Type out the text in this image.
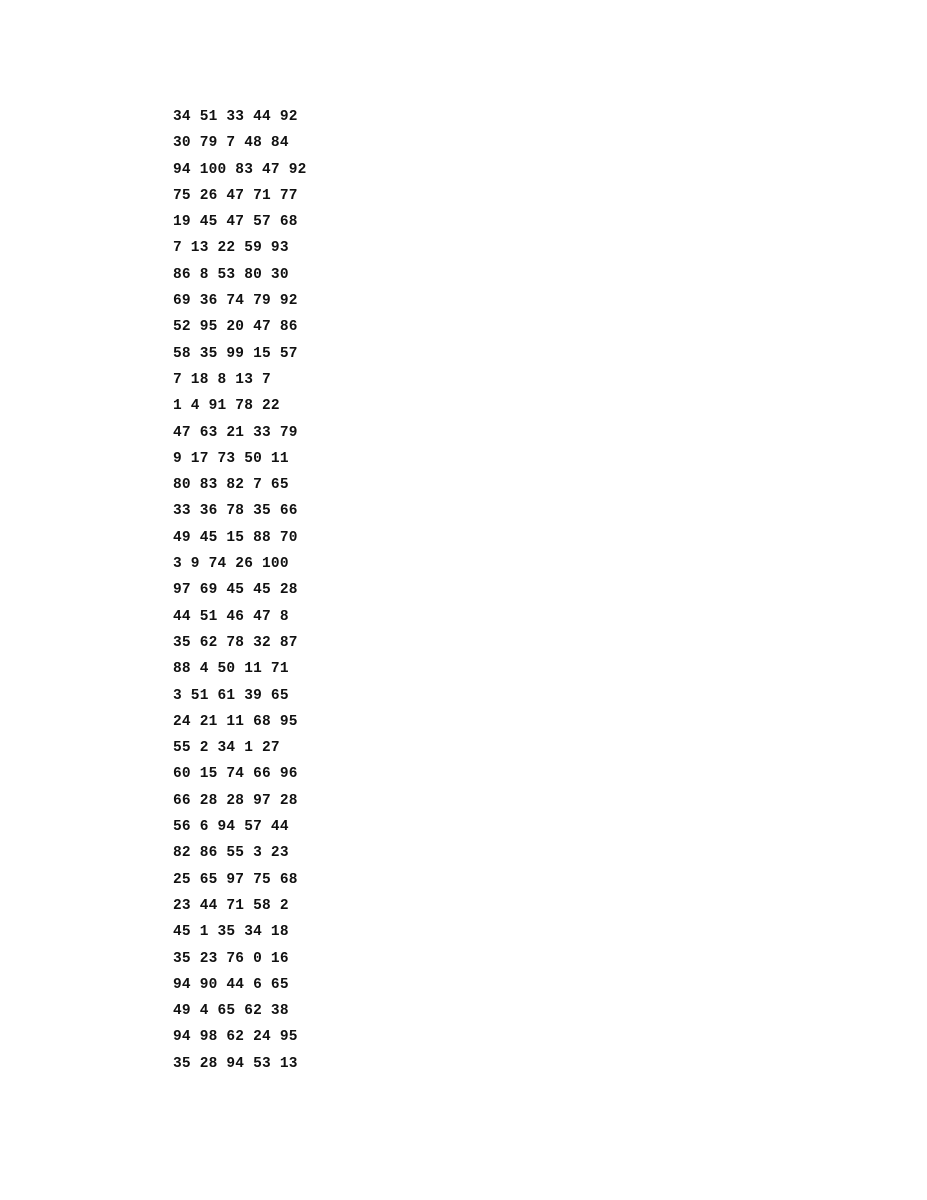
34 51 33 44 92
30 79 7 48 84
94 100 83 47 92
75 26 47 71 77
19 45 47 57 68
7 13 22 59 93
86 8 53 80 30
69 36 74 79 92
52 95 20 47 86
58 35 99 15 57
7 18 8 13 7
1 4 91 78 22
47 63 21 33 79
9 17 73 50 11
80 83 82 7 65
33 36 78 35 66
49 45 15 88 70
3 9 74 26 100
97 69 45 45 28
44 51 46 47 8
35 62 78 32 87
88 4 50 11 71
3 51 61 39 65
24 21 11 68 95
55 2 34 1 27
60 15 74 66 96
66 28 28 97 28
56 6 94 57 44
82 86 55 3 23
25 65 97 75 68
23 44 71 58 2
45 1 35 34 18
35 23 76 0 16
94 90 44 6 65
49 4 65 62 38
94 98 62 24 95
35 28 94 53 13
